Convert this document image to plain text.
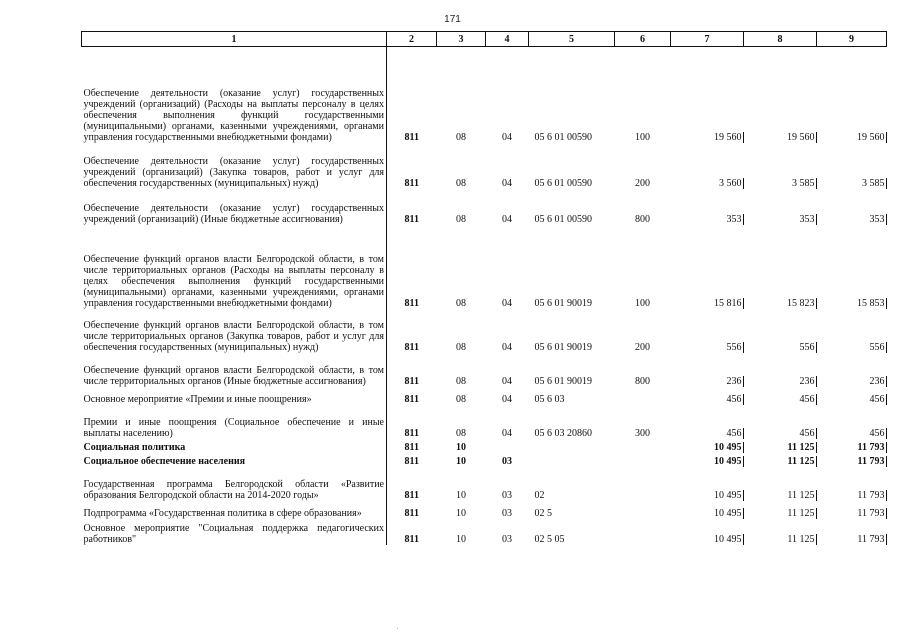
171
1	2	3	4	5	6	7	8	9
Обеспечение деятельности (оказание услуг) государственных учреждений (организаций) (Расходы на выплаты персоналу в целях обеспечения выполнения функций государственными (муниципальными) органами, казенными учреждениями, органами управления государственными внебюджетными фондами)	811	08	04	05 6 01 00590	100	19 560	19 560	19 560
Обеспечение деятельности (оказание услуг) государственных учреждений (организаций) (Закупка товаров, работ и услуг для обеспечения государственных (муниципальных) нужд)	811	08	04	05 6 01 00590	200	3 560	3 585	3 585
Обеспечение деятельности (оказание услуг) государственных учреждений (организаций) (Иные бюджетные ассигнования)	811	08	04	05 6 01 00590	800	353	353	353
Обеспечение функций органов власти Белгородской области, в том числе территориальных органов (Расходы на выплаты персоналу в целях обеспечения выполнения функций государственными (муниципальными) органами, казенными учреждениями, органами управления государственными внебюджетными фондами)	811	08	04	05 6 01 90019	100	15 816	15 823	15 853
Обеспечение функций органов власти Белгородской области, в том числе территориальных органов (Закупка товаров, работ и услуг для обеспечения государственных (муниципальных) нужд)	811	08	04	05 6 01 90019	200	556	556	556
Обеспечение функций органов власти Белгородской области, в том числе территориальных органов (Иные бюджетные ассигнования)	811	08	04	05 6 01 90019	800	236	236	236
Основное мероприятие «Премии и иные поощрения»	811	08	04	05 6 03		456	456	456
Премии и иные поощрения (Социальное обеспечение и иные выплаты населению)	811	08	04	05 6 03 20860	300	456	456	456
Социальная политика	811	10				10 495	11 125	11 793
Социальное обеспечение населения	811	10	03			10 495	11 125	11 793
Государственная программа Белгородской области «Развитие образования Белгородской области на 2014-2020 годы»	811	10	03	02		10 495	11 125	11 793
Подпрограмма «Государственная политика в сфере образования»	811	10	03	02 5		10 495	11 125	11 793
Основное мероприятие "Социальная поддержка педагогических работников"	811	10	03	02 5 05		10 495	11 125	11 793
·
